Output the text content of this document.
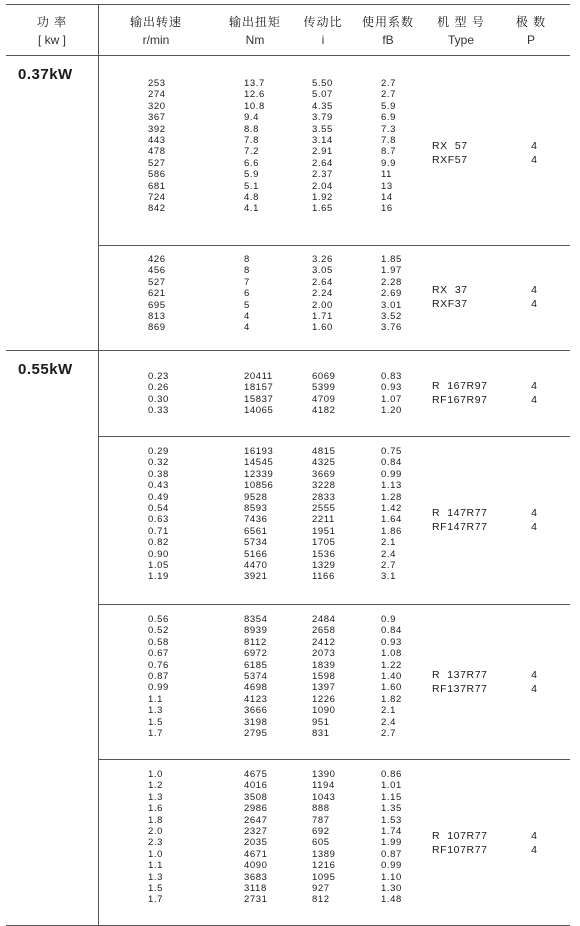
功 率
[ kw ]
输出转速
r/min
输出扭矩
Nm
传动比
i
使用系数
fB
机 型 号
Type
极 数
P
0.37kW
253
274
320
367
392
443
478
527
586
681
724
842
13.7
12.6
10.8
9.4
8.8
7.8
7.2
6.6
5.9
5.1
4.8
4.1
5.50
5.07
4.35
3.79
3.55
3.14
2.91
2.64
2.37
2.04
1.92
1.65
2.7
2.7
5.9
6.9
7.3
7.8
8.7
9.9
11
13
14
16
RX  57
RXF57
4
4
426
456
527
621
695
813
869
8
8
7
6
5
4
4
3.26
3.05
2.64
2.24
2.00
1.71
1.60
1.85
1.97
2.28
2.69
3.01
3.52
3.76
RX  37
RXF37
4
4
0.55kW	0.23
0.26
0.30
0.33
20411
18157
15837
14065
6069
5399
4709
4182
0.83
0.93
1.07
1.20
R  167R97
RF167R97
4
4
0.29
0.32
0.38
0.43
0.49
0.54
0.63
0.71
0.82
0.90
1.05
1.19
16193
14545
12339
10856
9528
8593
7436
6561
5734
5166
4470
3921
4815
4325
3669
3228
2833
2555
2211
1951
1705
1536
1329
1166
0.75
0.84
0.99
1.13
1.28
1.42
1.64
1.86
2.1
2.4
2.7
3.1
R  147R77
RF147R77
4
4
0.56
0.52
0.58
0.67
0.76
0.87
0.99
1.1
1.3
1.5
1.7
8354
8939
8112
6972
6185
5374
4698
4123
3666
3198
2795
2484
2658
2412
2073
1839
1598
1397
1226
1090
951
831
0.9
0.84
0.93
1.08
1.22
1.40
1.60
1.82
2.1
2.4
2.7
R  137R77
RF137R77
4
4
1.0
1.2
1.3
1.6
1.8
2.0
2.3
1.0
1.1
1.3
1.5
1.7
4675
4016
3508
2986
2647
2327
2035
4671
4090
3683
3118
2731
1390
1194
1043
888
787
692
605
1389
1216
1095
927
812
0.86
1.01
1.15
1.35
1.53
1.74
1.99
0.87
0.99
1.10
1.30
1.48
R  107R77
RF107R77
4
4
